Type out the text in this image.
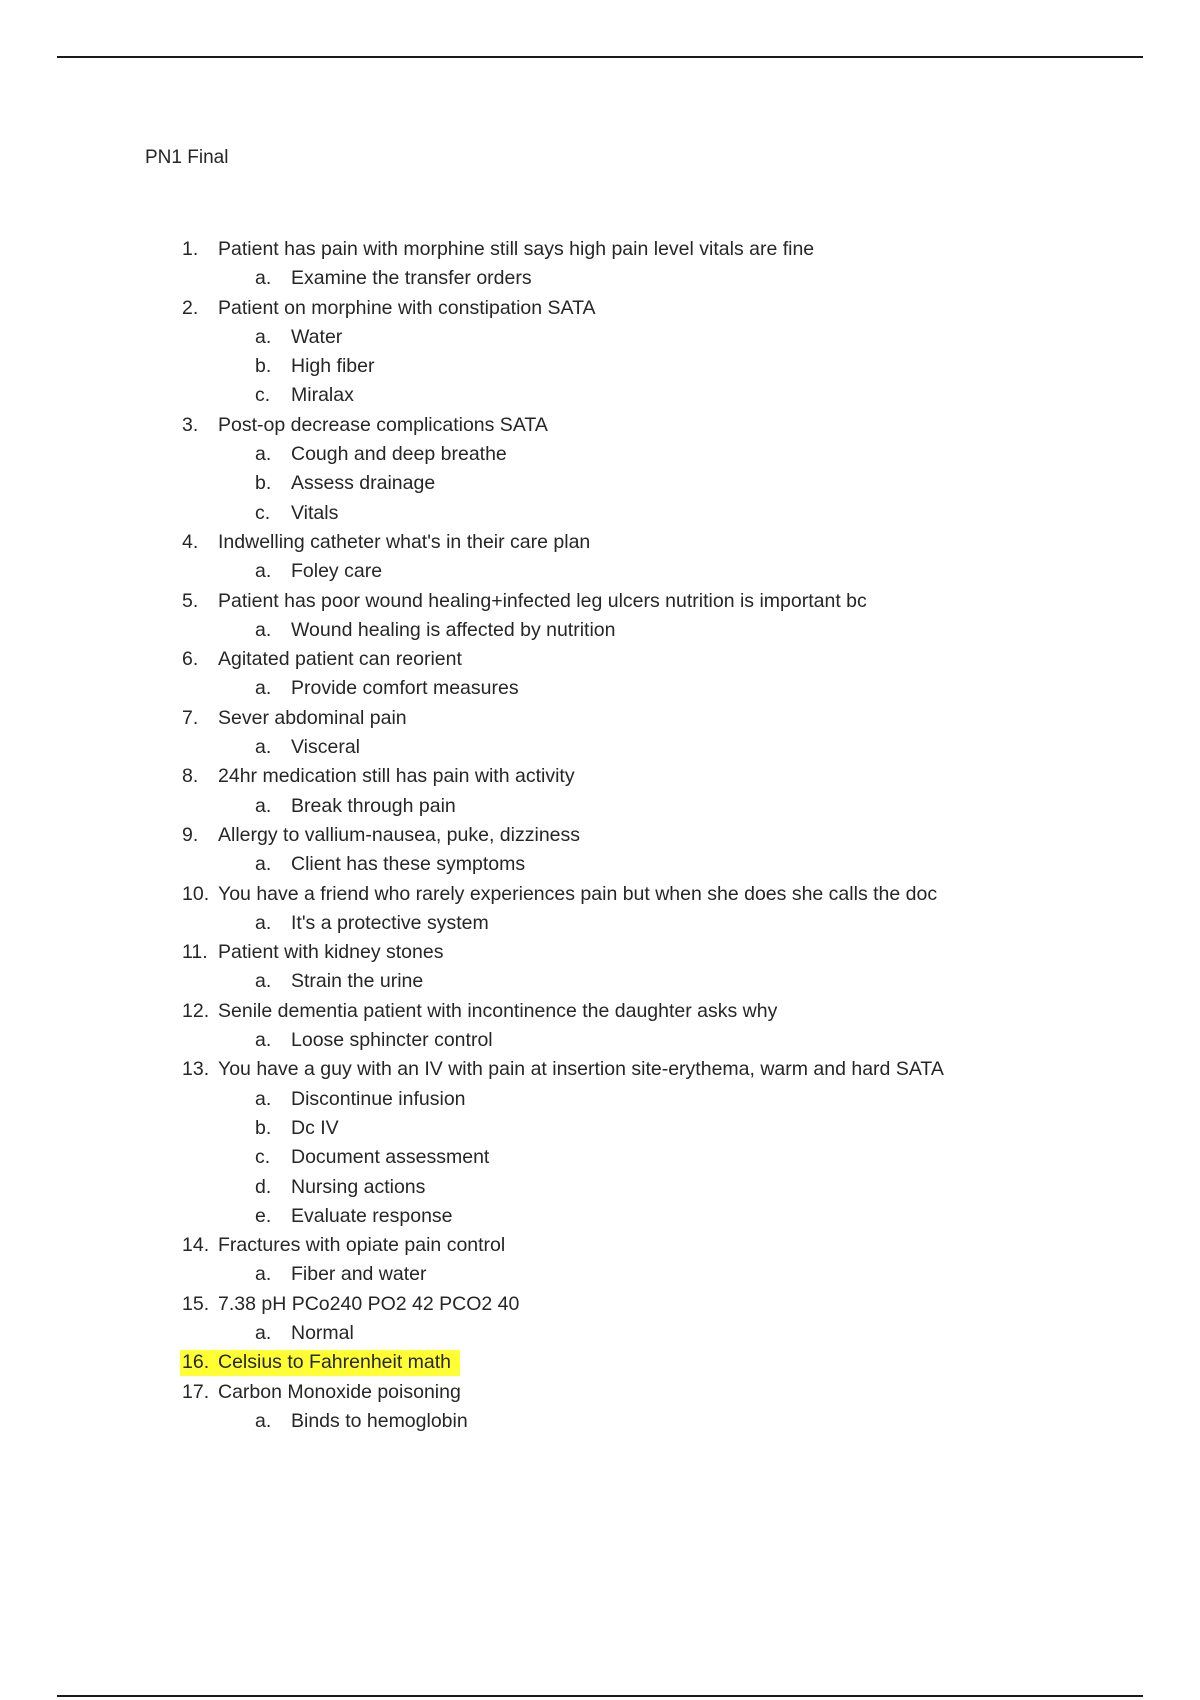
PN1 Final
1. Patient has pain with morphine still says high pain level vitals are fine
a. Examine the transfer orders
2. Patient on morphine with constipation SATA
a. Water
b. High fiber
c. Miralax
3. Post-op decrease complications SATA
a. Cough and deep breathe
b. Assess drainage
c. Vitals
4. Indwelling catheter what's in their care plan
a. Foley care
5. Patient has poor wound healing+infected leg ulcers nutrition is important bc
a. Wound healing is affected by nutrition
6. Agitated patient can reorient
a. Provide comfort measures
7. Sever abdominal pain
a. Visceral
8. 24hr medication still has pain with activity
a. Break through pain
9. Allergy to vallium-nausea, puke, dizziness
a. Client has these symptoms
10. You have a friend who rarely experiences pain but when she does she calls the doc
a. It's a protective system
11. Patient with kidney stones
a. Strain the urine
12. Senile dementia patient with incontinence the daughter asks why
a. Loose sphincter control
13. You have a guy with an IV with pain at insertion site-erythema, warm and hard SATA
a. Discontinue infusion
b. Dc IV
c. Document assessment
d. Nursing actions
e. Evaluate response
14. Fractures with opiate pain control
a. Fiber and water
15. 7.38 pH PCo240 PO2 42 PCO2 40
a. Normal
16. Celsius to Fahrenheit math
17. Carbon Monoxide poisoning
a. Binds to hemoglobin
